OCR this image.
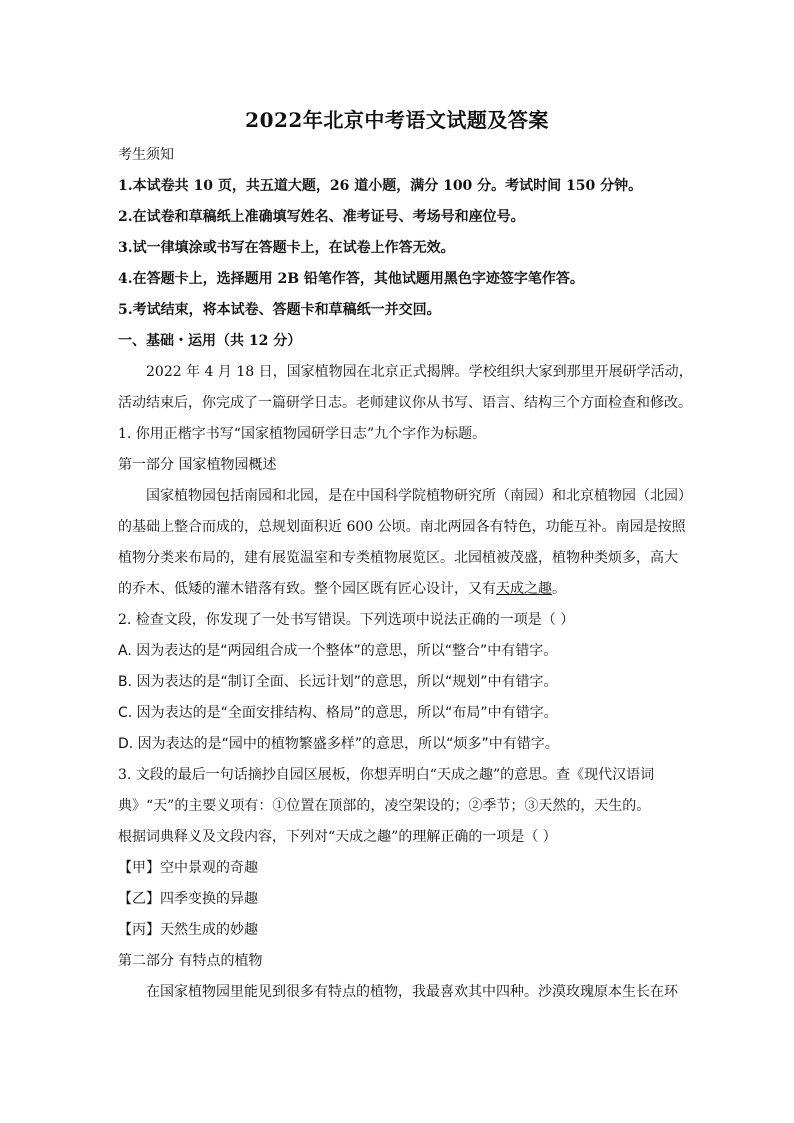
2022年北京中考语文试题及答案
考生须知
1.本试卷共 10 页，共五道大题，26 道小题，满分 100 分。考试时间 150 分钟。
2.在试卷和草稿纸上准确填写姓名、准考证号、考场号和座位号。
3.试一律填涂或书写在答题卡上，在试卷上作答无效。
4.在答题卡上，选择题用 2B 铅笔作答，其他试题用黑色字迹签字笔作答。
5.考试结束，将本试卷、答题卡和草稿纸一并交回。
一、基础・运用（共 12 分）
2022 年 4 月 18 日，国家植物园在北京正式揭牌。学校组织大家到那里开展研学活动，
活动结束后，你完成了一篇研学日志。老师建议你从书写、语言、结构三个方面检查和修改。
1. 你用正楷字书写“国家植物园研学日志”九个字作为标题。
第一部分 国家植物园概述
国家植物园包括南园和北园，是在中国科学院植物研究所（南园）和北京植物园（北园）
的基础上整合而成的，总规划面积近 600 公顷。南北两园各有特色，功能互补。南园是按照
植物分类来布局的，建有展览温室和专类植物展览区。北园植被茂盛，植物种类烦多，高大
的乔木、低矮的灌木错落有致。整个园区既有匠心设计，又有天成之趣。
2. 检查文段，你发现了一处书写错误。下列选项中说法正确的一项是（ ）
A. 因为表达的是“两园组合成一个整体”的意思，所以“整合”中有错字。
B. 因为表达的是“制订全面、长远计划”的意思，所以“规划”中有错字。
C. 因为表达的是“全面安排结构、格局”的意思，所以“布局”中有错字。
D. 因为表达的是“园中的植物繁盛多样”的意思，所以“烦多”中有错字。
3. 文段的最后一句话摘抄自园区展板，你想弄明白“天成之趣”的意思。查《现代汉语词
典》“天”的主要义项有：①位置在顶部的，凌空架设的；②季节；③天然的，天生的。
根据词典释义及文段内容，下列对“天成之趣”的理解正确的一项是（ ）
【甲】空中景观的奇趣
【乙】四季变换的异趣
【丙】天然生成的妙趣
第二部分 有特点的植物
在国家植物园里能见到很多有特点的植物，我最喜欢其中四种。沙漠玫瑰原本生长在环
